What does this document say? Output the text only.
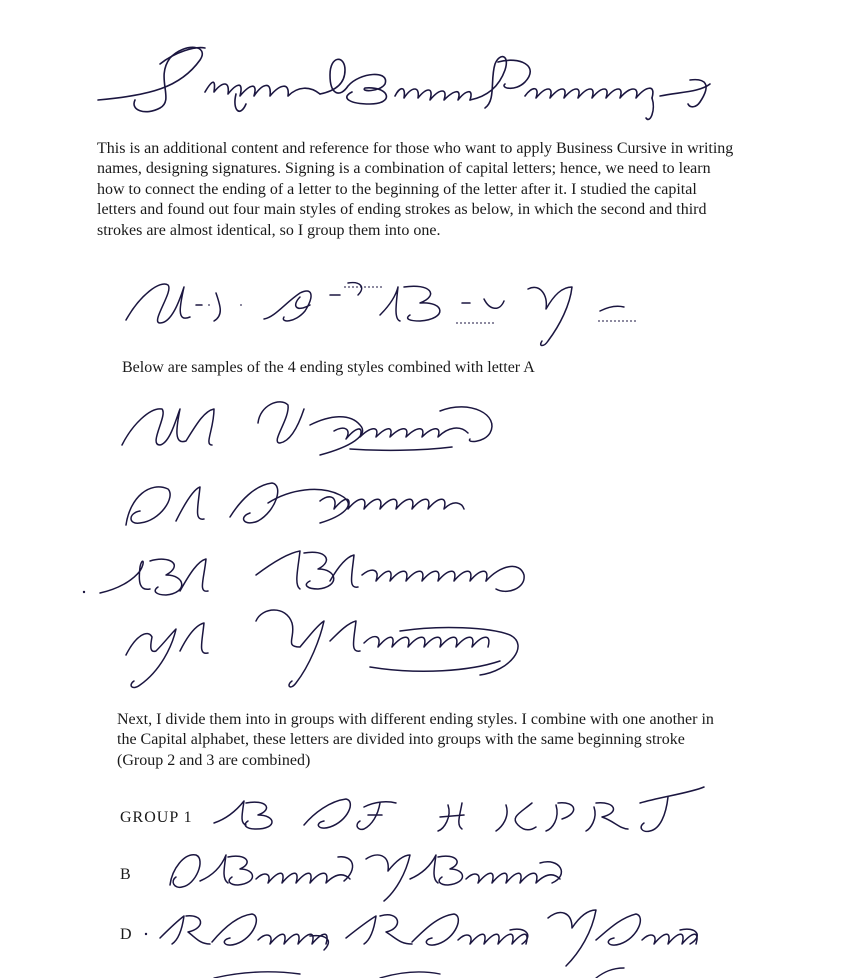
This is an additional content and reference for those who want to apply Business Cursive in writing names, designing signatures. Signing is a combination of capital letters; hence, we need to learn how to connect the ending of a letter to the beginning of the letter after it. I studied the capital letters and found out four main styles of ending strokes as below, in which the second and third strokes are almost identical, so I group them into one.
Below are samples of the 4 ending styles combined with letter A
Next, I divide them into in groups with different ending styles. I combine with one another in the Capital alphabet, these letters are divided into groups with the same beginning stroke (Group 2 and 3 are combined)
GROUP 1
B
D
